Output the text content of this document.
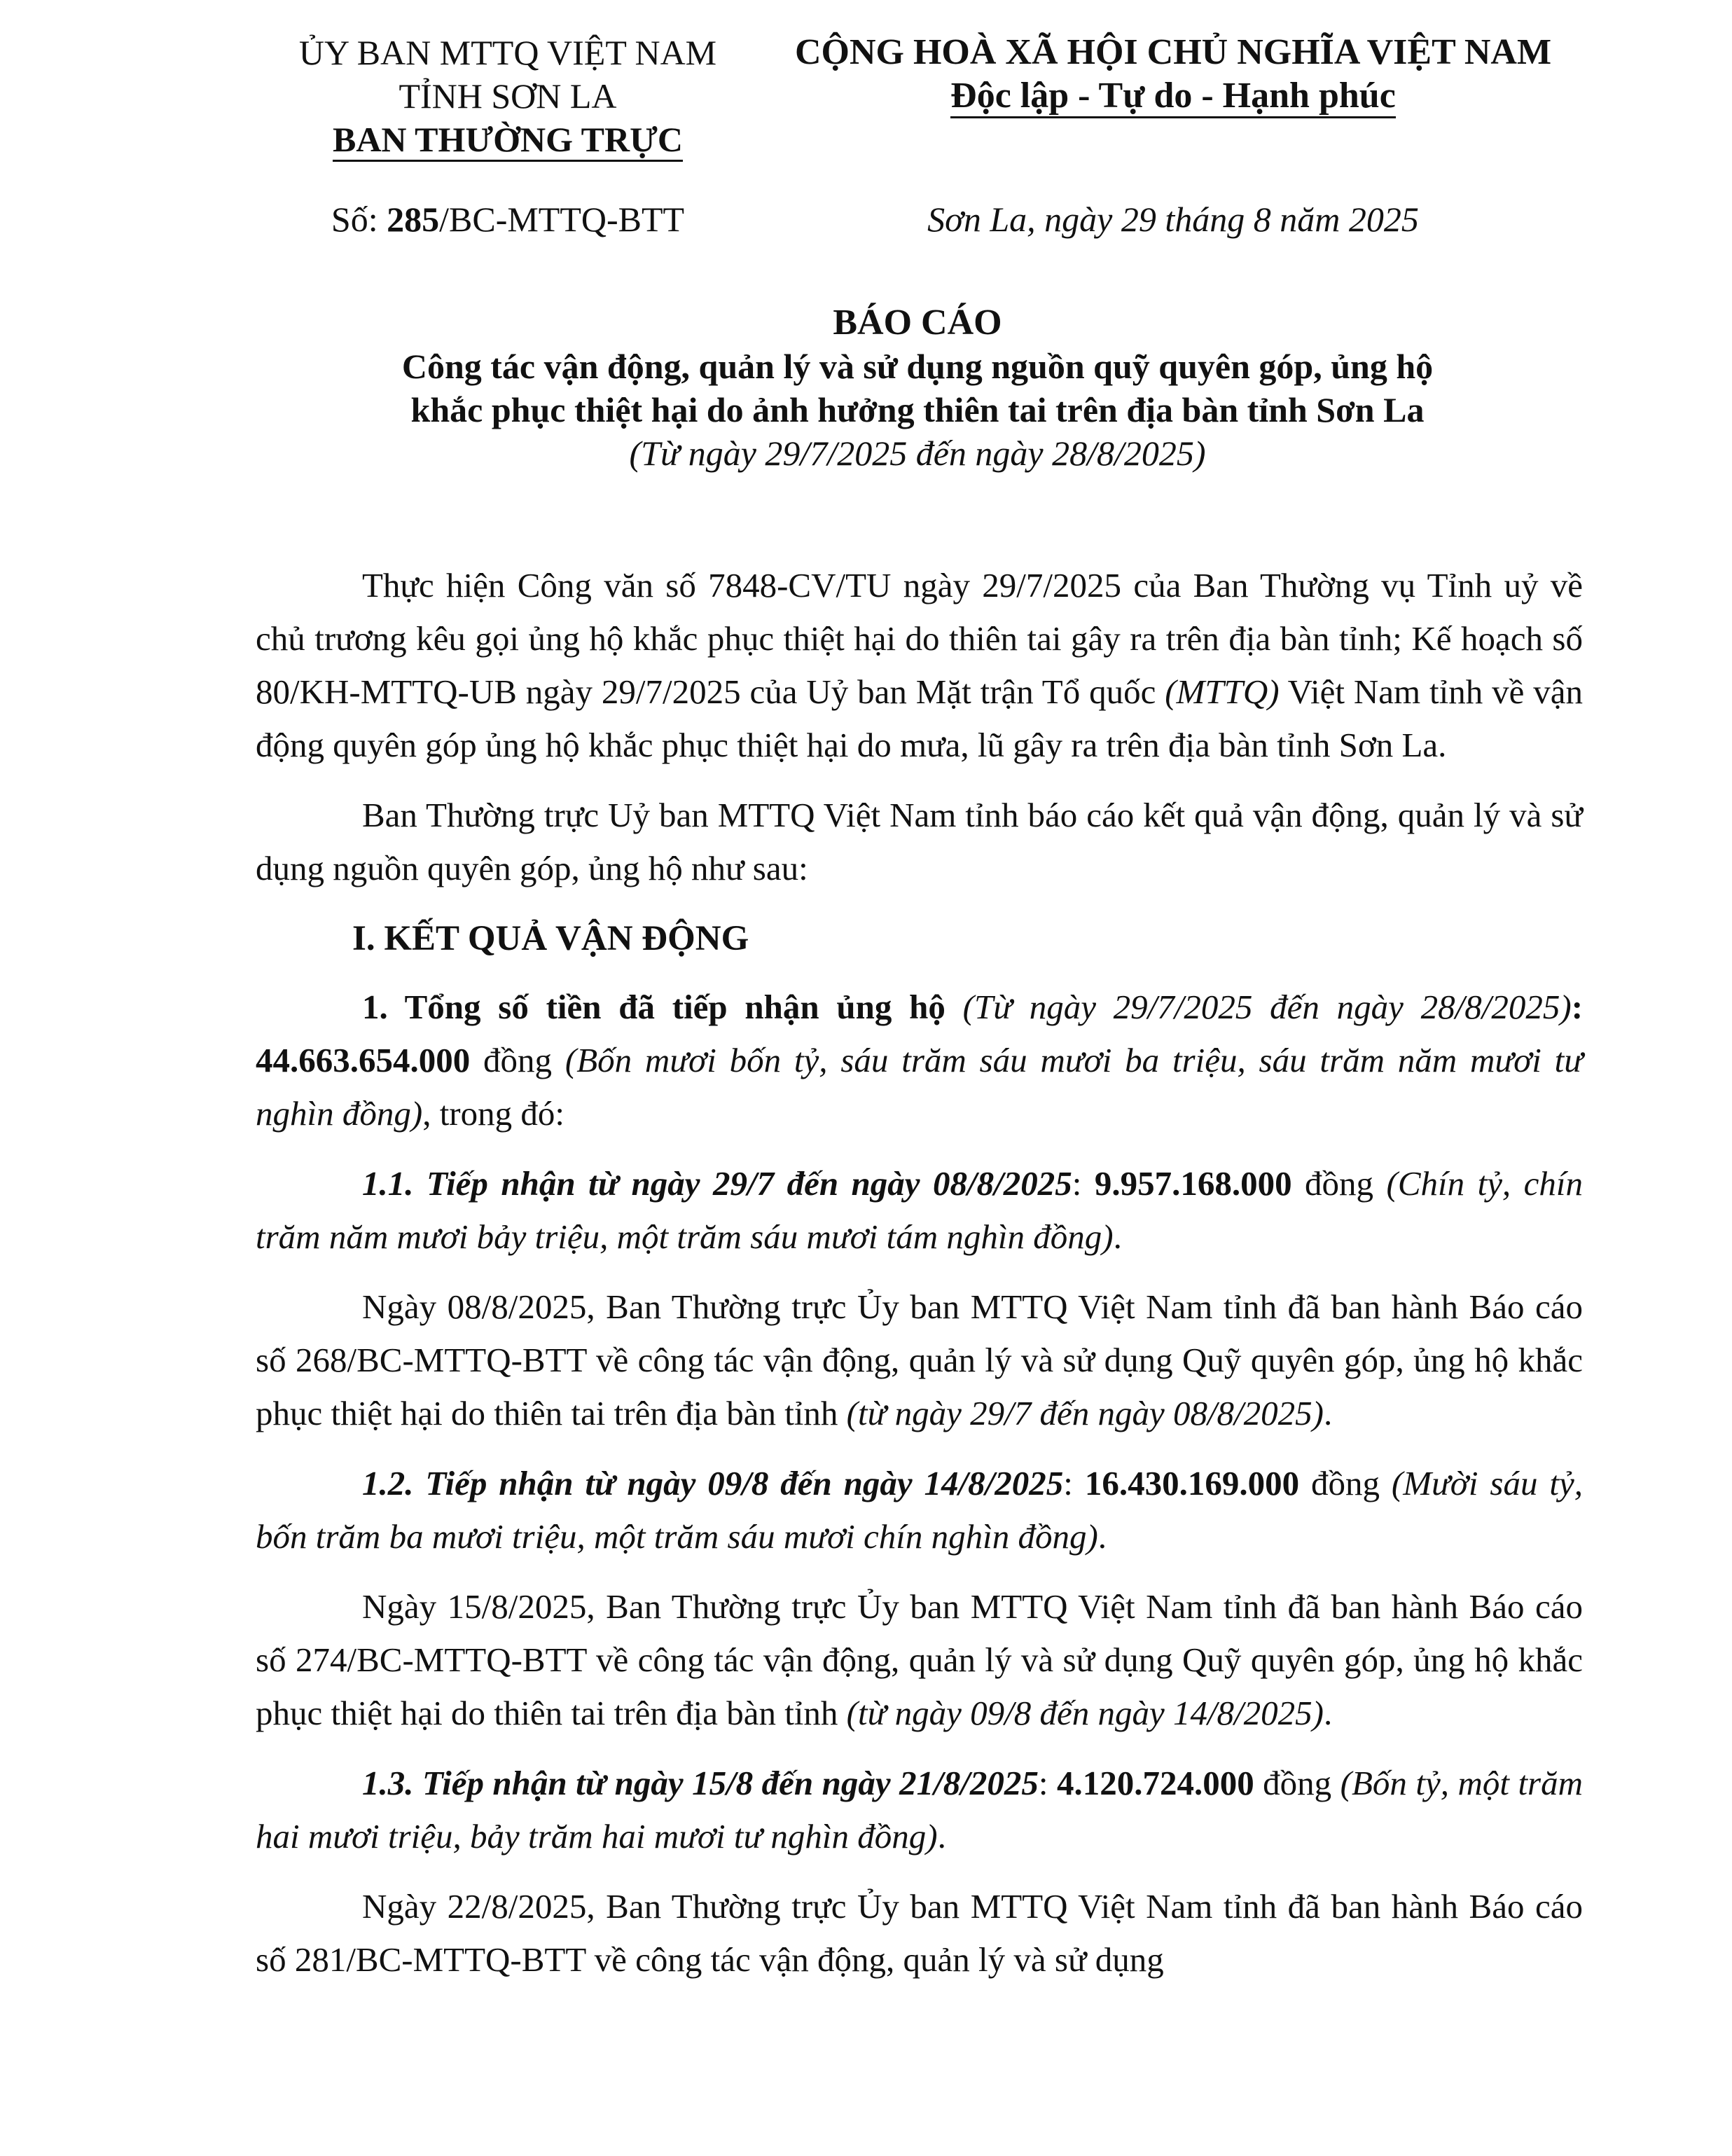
ỦY BAN MTTQ VIỆT NAM
TỈNH SƠN LA
BAN THƯỜNG TRỰC
CỘNG HOÀ XÃ HỘI CHỦ NGHĨA VIỆT NAM
Độc lập - Tự do - Hạnh phúc
Số: 285/BC-MTTQ-BTT	Sơn La, ngày 29 tháng 8 năm 2025
BÁO CÁO
Công tác vận động, quản lý và sử dụng nguồn quỹ quyên góp, ủng hộ
khắc phục thiệt hại do ảnh hưởng thiên tai trên địa bàn tỉnh Sơn La
(Từ ngày 29/7/2025 đến ngày 28/8/2025)

Thực hiện Công văn số 7848-CV/TU ngày 29/7/2025 của Ban Thường vụ Tỉnh uỷ về chủ trương kêu gọi ủng hộ khắc phục thiệt hại do thiên tai gây ra trên địa bàn tỉnh; Kế hoạch số 80/KH-MTTQ-UB ngày 29/7/2025 của Uỷ ban Mặt trận Tổ quốc (MTTQ) Việt Nam tỉnh về vận động quyên góp ủng hộ khắc phục thiệt hại do mưa, lũ gây ra trên địa bàn tỉnh Sơn La.

Ban Thường trực Uỷ ban MTTQ Việt Nam tỉnh báo cáo kết quả vận động, quản lý và sử dụng nguồn quyên góp, ủng hộ như sau:

I. KẾT QUẢ VẬN ĐỘNG

1. Tổng số tiền đã tiếp nhận ủng hộ (Từ ngày 29/7/2025 đến ngày 28/8/2025): 44.663.654.000 đồng (Bốn mươi bốn tỷ, sáu trăm sáu mươi ba triệu, sáu trăm năm mươi tư nghìn đồng), trong đó:

1.1. Tiếp nhận từ ngày 29/7 đến ngày 08/8/2025: 9.957.168.000 đồng (Chín tỷ, chín trăm năm mươi bảy triệu, một trăm sáu mươi tám nghìn đồng).

Ngày 08/8/2025, Ban Thường trực Ủy ban MTTQ Việt Nam tỉnh đã ban hành Báo cáo số 268/BC-MTTQ-BTT về công tác vận động, quản lý và sử dụng Quỹ quyên góp, ủng hộ khắc phục thiệt hại do thiên tai trên địa bàn tỉnh (từ ngày 29/7 đến ngày 08/8/2025).

1.2. Tiếp nhận từ ngày 09/8 đến ngày 14/8/2025: 16.430.169.000 đồng (Mười sáu tỷ, bốn trăm ba mươi triệu, một trăm sáu mươi chín nghìn đồng).

Ngày 15/8/2025, Ban Thường trực Ủy ban MTTQ Việt Nam tỉnh đã ban hành Báo cáo số 274/BC-MTTQ-BTT về công tác vận động, quản lý và sử dụng Quỹ quyên góp, ủng hộ khắc phục thiệt hại do thiên tai trên địa bàn tỉnh (từ ngày 09/8 đến ngày 14/8/2025).

1.3. Tiếp nhận từ ngày 15/8 đến ngày 21/8/2025: 4.120.724.000 đồng (Bốn tỷ, một trăm hai mươi triệu, bảy trăm hai mươi tư nghìn đồng).

Ngày 22/8/2025, Ban Thường trực Ủy ban MTTQ Việt Nam tỉnh đã ban hành Báo cáo số 281/BC-MTTQ-BTT về công tác vận động, quản lý và sử dụng
